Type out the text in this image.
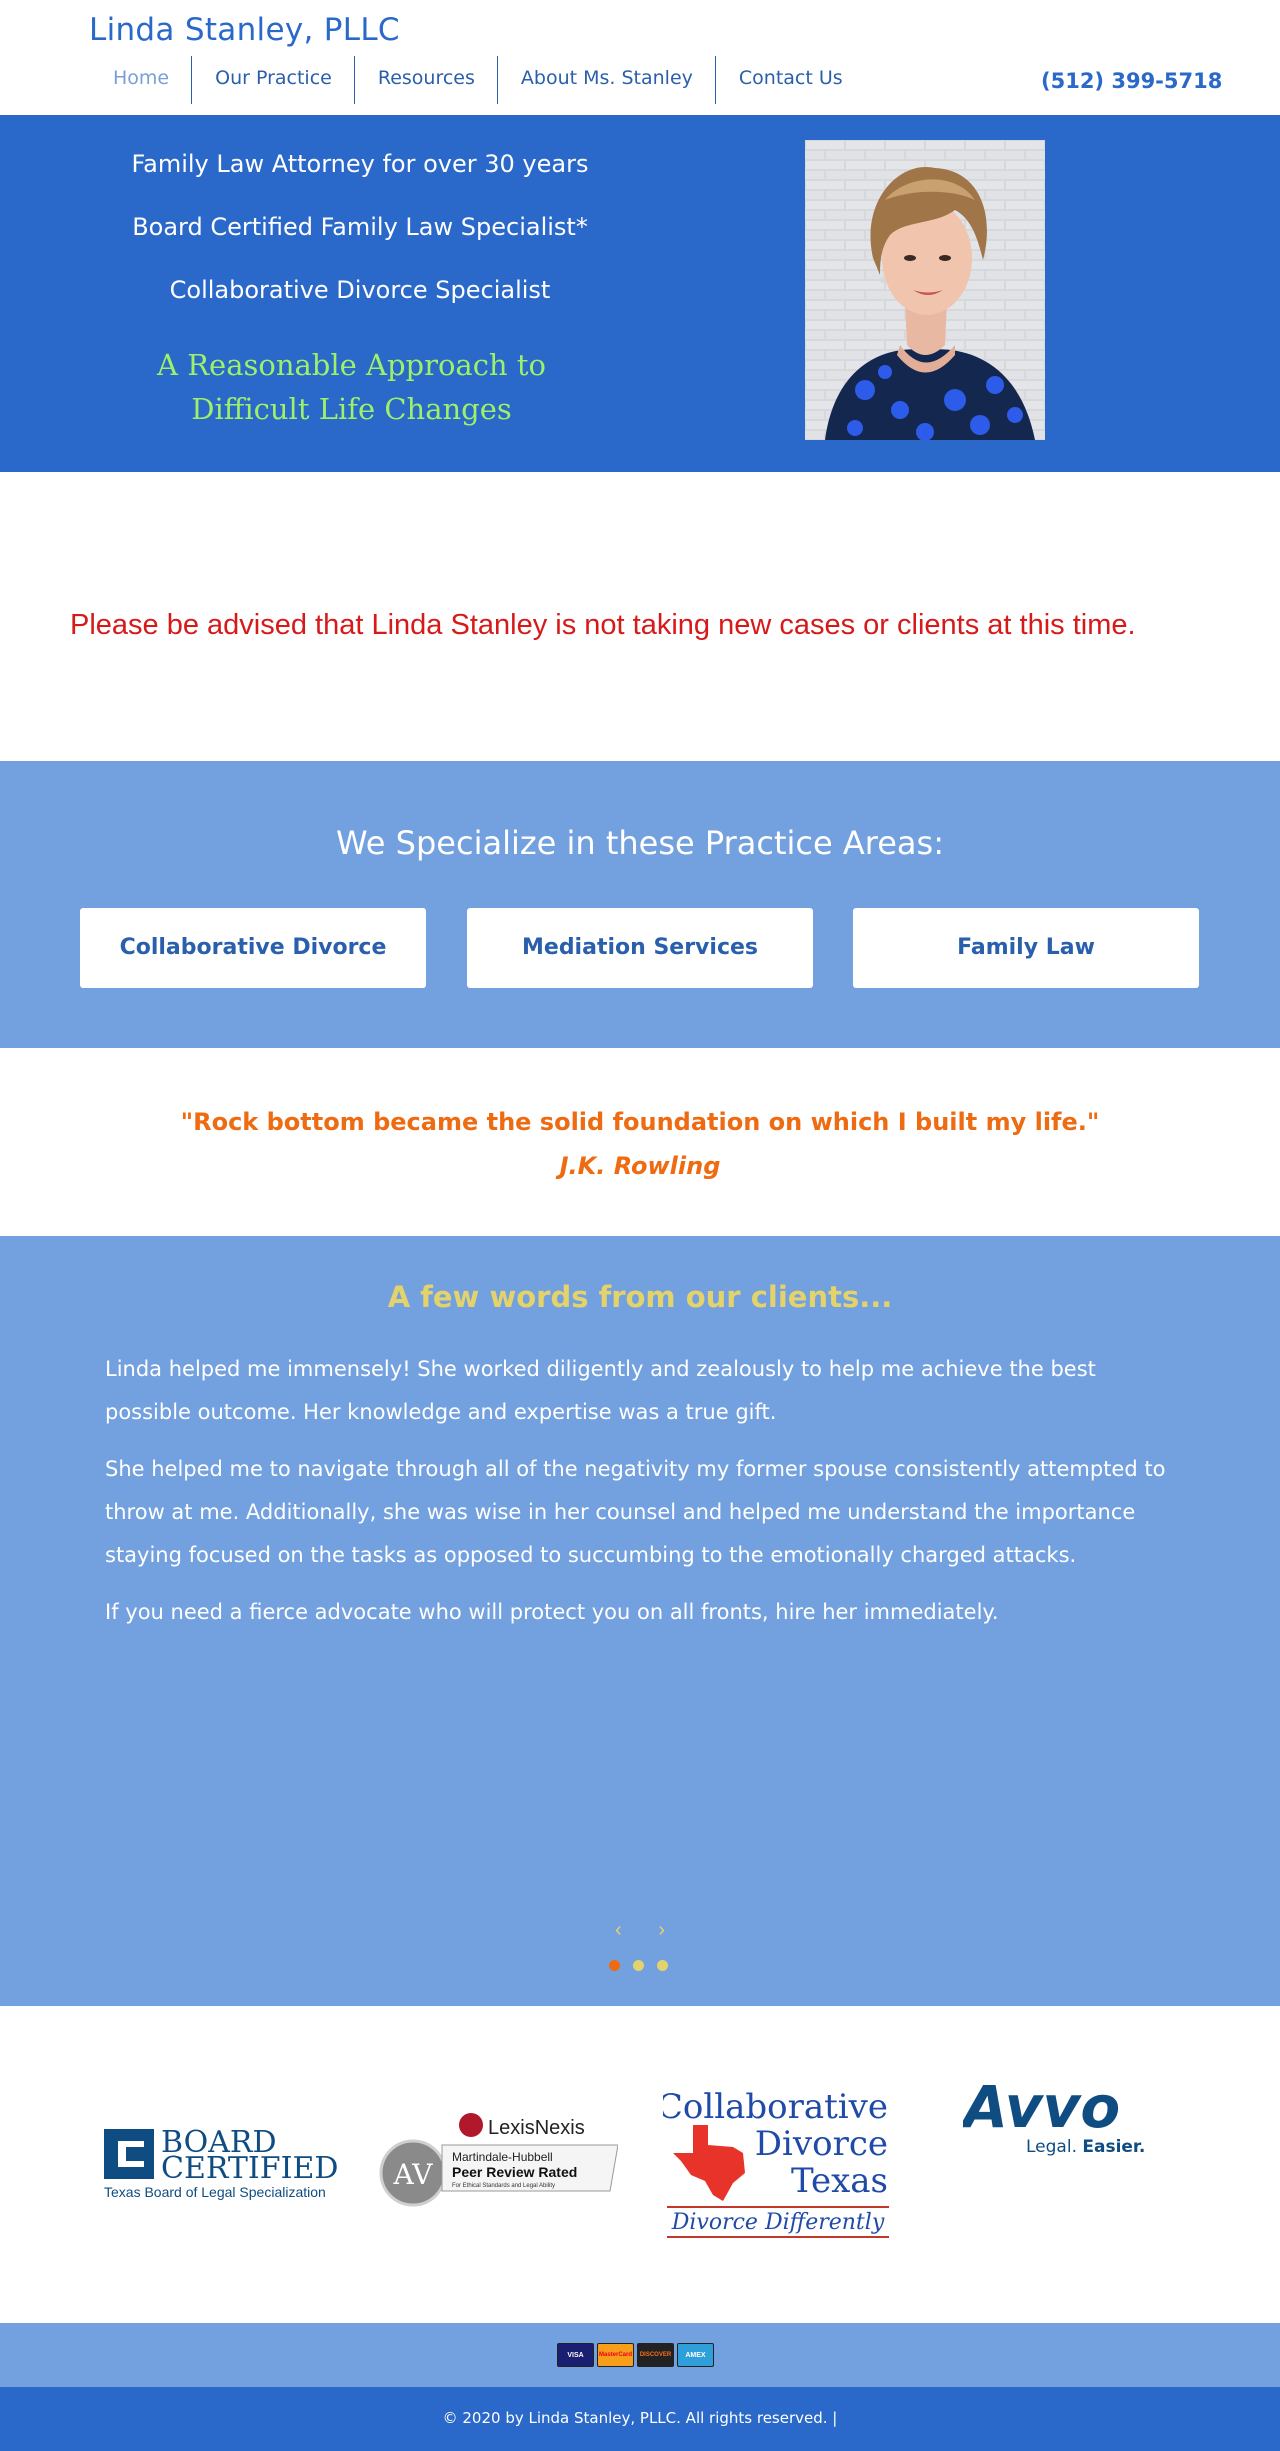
Linda Stanley, PLLC
Home	Our Practice	Resources	About Ms. Stanley	Contact Us	(512) 399-5718
Family Law Attorney for over 30 years
Board Certified Family Law Specialist*
Collaborative Divorce Specialist
A Reasonable Approach to
Difficult Life Changes
Please be advised that Linda Stanley is not taking new cases or clients at this time.
We Specialize in these Practice Areas:
Collaborative Divorce	Mediation Services	Family Law
"Rock bottom became the solid foundation on which I built my life."
J.K. Rowling
A few words from our clients...

Linda helped me immensely! She worked diligently and zealously to help me achieve the best possible outcome. Her knowledge and expertise was a true gift.

She helped me to navigate through all of the negativity my former spouse consistently attempted to throw at me. Additionally, she was wise in her counsel and helped me understand the importance staying focused on the tasks as opposed to succumbing to the emotionally charged attacks.

If you need a fierce advocate who will protect you on all fronts, hire her immediately.

‹ ›
BOARD
CERTIFIED
Texas Board of Legal Specialization
LexisNexis
AV
Martindale-Hubbell
Peer Review Rated
For Ethical Standards and Legal Ability
Collaborative
Divorce
Texas
Divorce Differently
Avvo
Legal. Easier.
VISA	MasterCard	DISCOVER	AMEX
© 2020 by Linda Stanley, PLLC. All rights reserved. |
